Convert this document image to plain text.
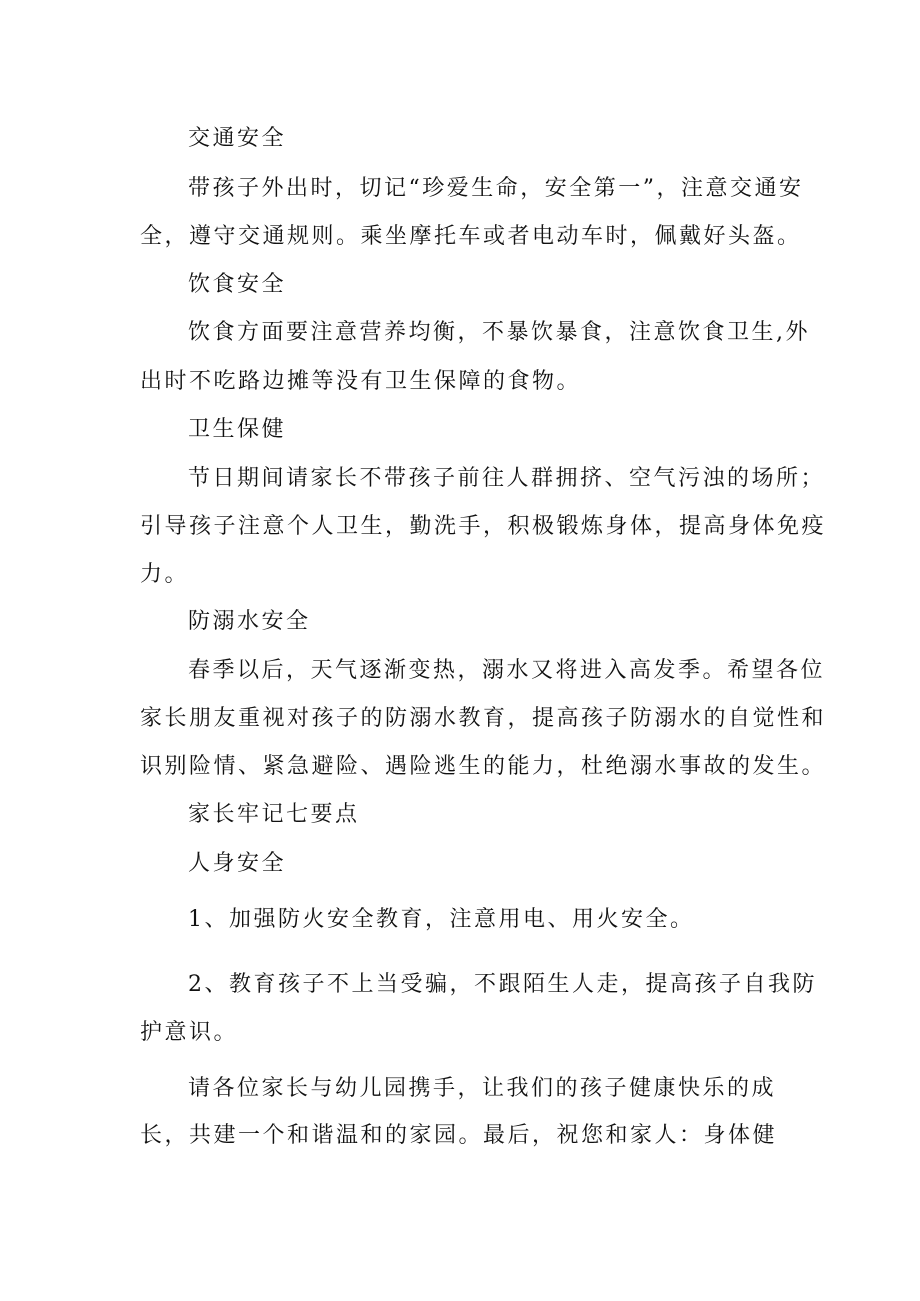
交通安全
带孩子外出时，切记“珍爱生命，安全第一”，注意交通安
全，遵守交通规则。乘坐摩托车或者电动车时，佩戴好头盔。
饮食安全
饮食方面要注意营养均衡，不暴饮暴食，注意饮食卫生,外
出时不吃路边摊等没有卫生保障的食物。
卫生保健
节日期间请家长不带孩子前往人群拥挤、空气污浊的场所；
引导孩子注意个人卫生，勤洗手，积极锻炼身体，提高身体免疫
力。
防溺水安全
春季以后，天气逐渐变热，溺水又将进入高发季。希望各位
家长朋友重视对孩子的防溺水教育，提高孩子防溺水的自觉性和
识别险情、紧急避险、遇险逃生的能力，杜绝溺水事故的发生。
家长牢记七要点
人身安全
1、加强防火安全教育，注意用电、用火安全。
2、教育孩子不上当受骗，不跟陌生人走，提高孩子自我防
护意识。
请各位家长与幼儿园携手，让我们的孩子健康快乐的成
长，共建一个和谐温和的家园。最后，祝您和家人：身体健
